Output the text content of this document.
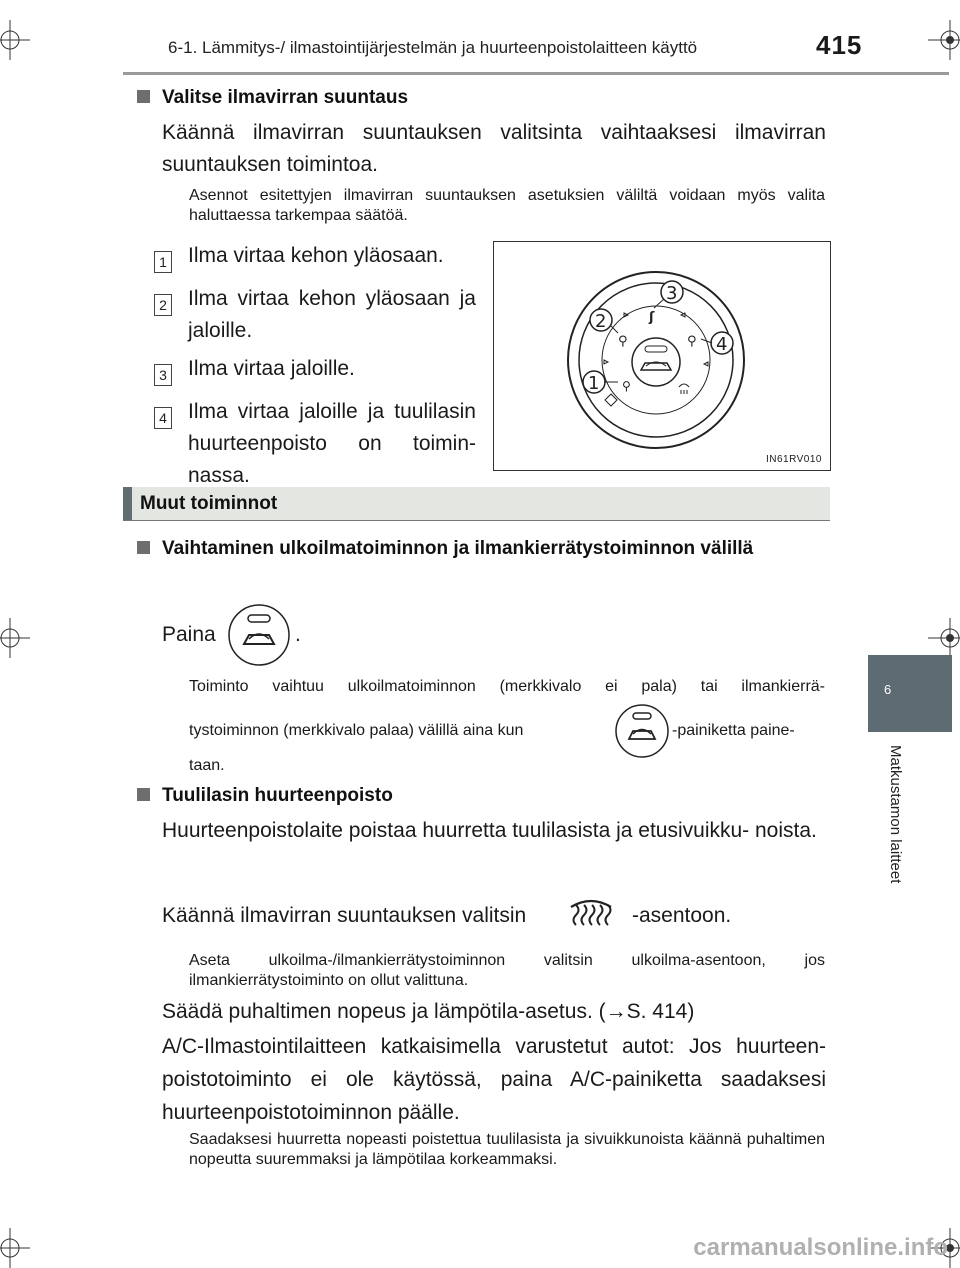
6-1. Lämmitys-/ ilmastointijärjestelmän ja huurteenpoistolaitteen käyttö	415
6
Matkustamon laitteet
Valitse ilmavirran suuntaus
Käännä ilmavirran suuntauksen valitsinta vaihtaaksesi ilmavirran suuntauksen toimintoa.
Asennot esitettyjen ilmavirran suuntauksen asetuksien väliltä voidaan myös valita haluttaessa tarkempaa säätöä.
1	Ilma virtaa kehon yläosaan.
2	Ilma virtaa kehon yläosaan ja
jaloille.
3	Ilma virtaa jaloille.
4	Ilma virtaa jaloille ja tuulilasin
huurteenpoisto on toimin-
nassa.
⚲
ʃ
⚲
⚲
3
2
4
1
IN61RV010
Muut toiminnot
Vaihtaminen ulkoilmatoiminnon ja ilmankierrätystoiminnon välillä
Paina	.
Toiminto vaihtuu ulkoilmatoiminnon (merkkivalo ei pala) tai ilmankierrä-
tystoiminnon (merkkivalo palaa) välillä aina kun	-painiketta paine-
taan.
Tuulilasin huurteenpoisto
Huurteenpoistolaite poistaa huurretta tuulilasista ja etusivuikku- noista.
Käännä ilmavirran suuntauksen valitsin	-asentoon.
Aseta ulkoilma-/ilmankierrätystoiminnon valitsin ulkoilma-asentoon, jos ilmankierrätystoiminto on ollut valittuna.
Säädä puhaltimen nopeus ja lämpötila-asetus. (→S. 414)
A/C-Ilmastointilaitteen katkaisimella varustetut autot: Jos huurteen- poistotoiminto ei ole käytössä, paina A/C-painiketta saadaksesi huurteenpoistotoiminnon päälle.
Saadaksesi huurretta nopeasti poistettua tuulilasista ja sivuikkunoista käännä puhaltimen nopeutta suuremmaksi ja lämpötilaa korkeammaksi.
carmanualsonline.info
